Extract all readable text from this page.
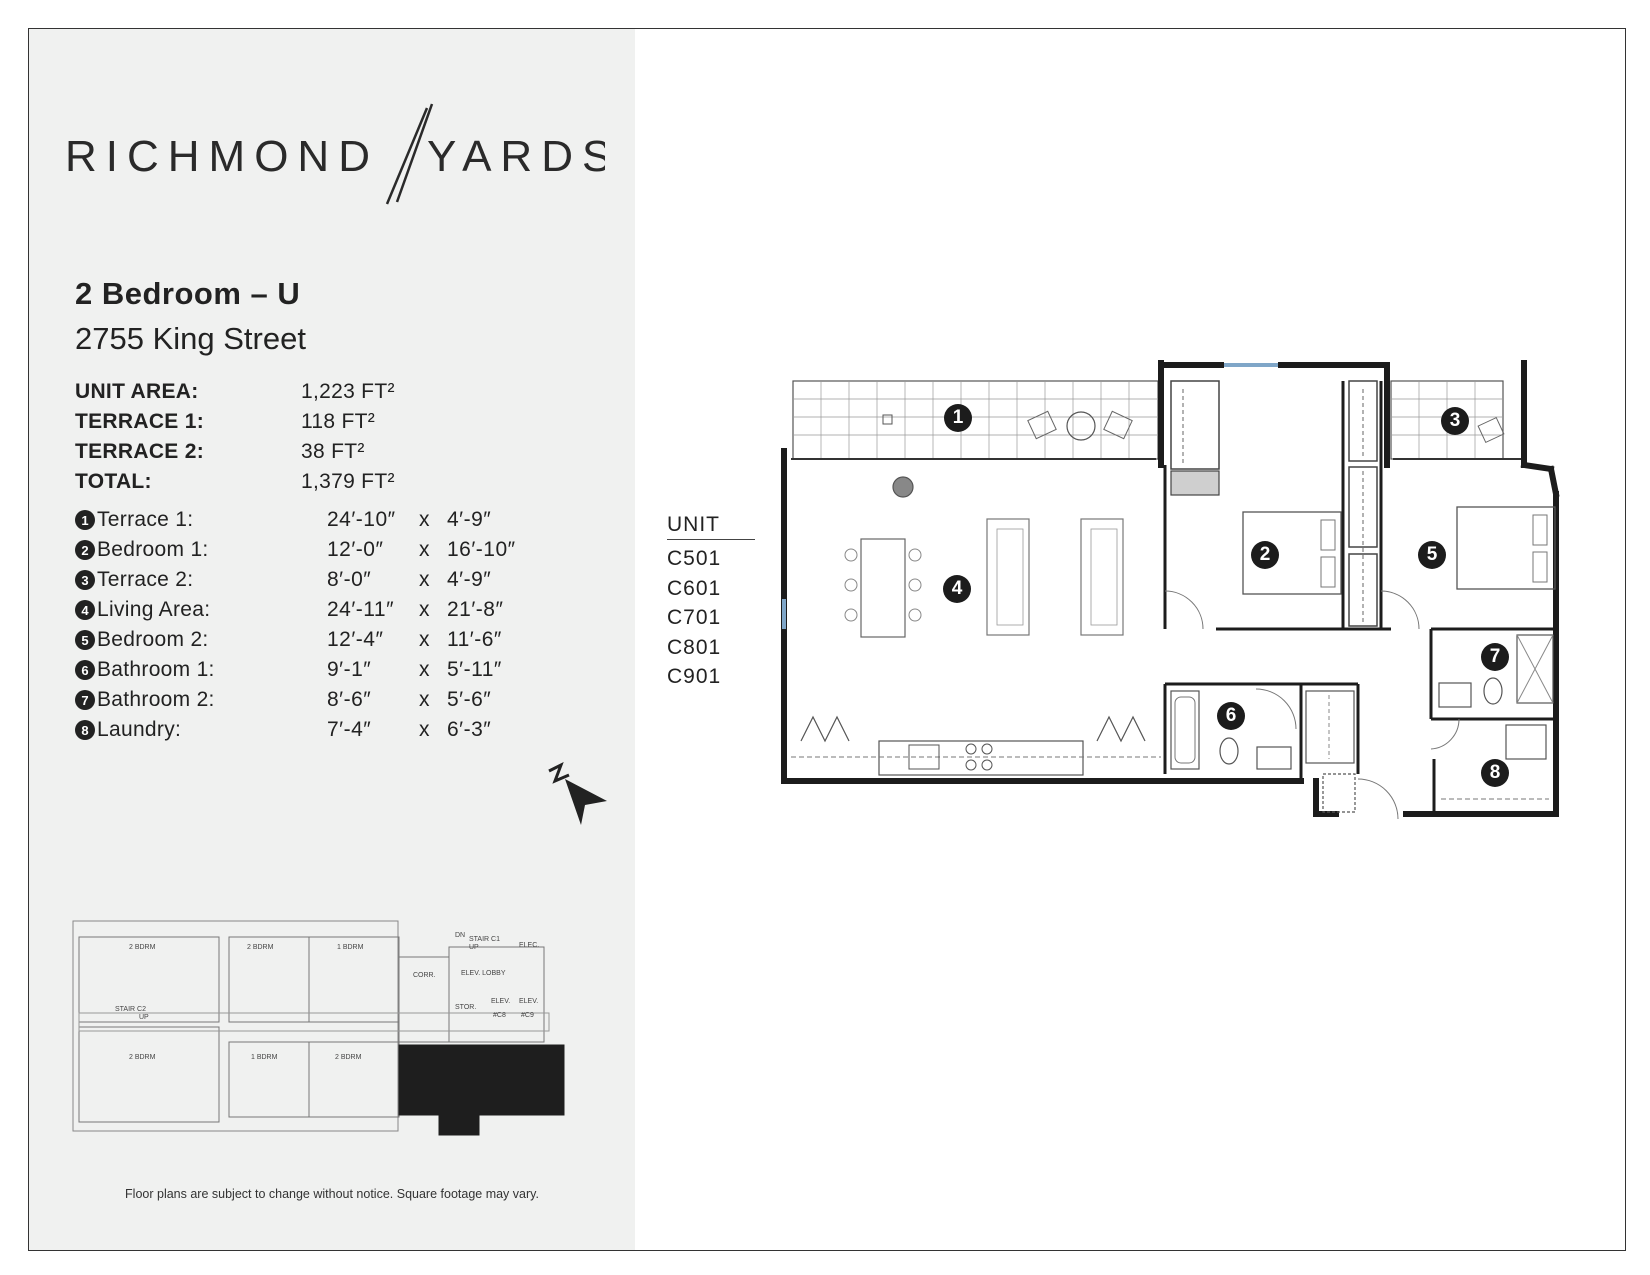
RICHMOND YARDS
2 Bedroom – U
2755 King Street
UNIT AREA:	1,223 FT²
TERRACE 1:	118 FT²
TERRACE 2:	38 FT²
TOTAL:	1,379 FT²
1 Terrace 1:	24′-10″	x 4′-9″
2 Bedroom 1:	12′-0″	x 16′-10″
3 Terrace 2:	8′-0″	x 4′-9″
4 Living Area:	24′-11″	x 21′-8″
5 Bedroom 2:	12′-4″	x 11′-6″
6 Bathroom 1:	9′-1″	x 5′-11″
7 Bathroom 2:	8′-6″	x 5′-6″
8 Laundry:	7′-4″	x 6′-3″
2 BDRM	2 BDRM	1 BDRM
CORR.
DN
STAIR C1
UP	ELEC.
ELEV. LOBBY
STOR.
ELEV.
#C8
ELEV.
#C9
STAIR C2
UP
2 BDRM	1 BDRM	2 BDRM
Floor plans are subject to change without notice. Square footage may vary.
UNIT
C501
C601
C701
C801
C901
1
2
3
4
5
6
7
8
